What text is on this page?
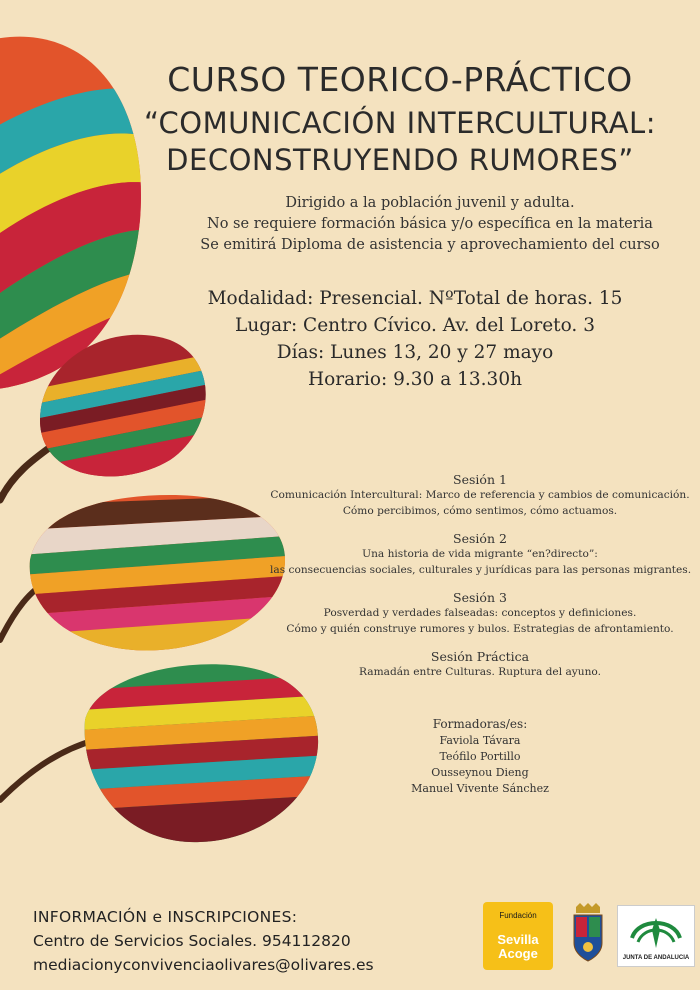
CURSO TEORICO-PRÁCTICO
“COMUNICACIÓN INTERCULTURAL:
DECONSTRUYENDO RUMORES”
Dirigido a la población juvenil y adulta.
No se requiere formación básica y/o específica en la materia
Se emitirá Diploma de asistencia y aprovechamiento del curso
Modalidad: Presencial. NºTotal de horas. 15
Lugar: Centro Cívico. Av. del Loreto. 3
Días: Lunes 13, 20 y 27 mayo
Horario: 9.30 a 13.30h
Sesión 1
Comunicación Intercultural: Marco de referencia y cambios de comunicación.
Cómo percibimos, cómo sentimos, cómo actuamos.
Sesión 2
Una historia de vida migrante “en?directo”:
las consecuencias sociales, culturales y jurídicas para las personas migrantes.
Sesión 3
Posverdad y verdades falseadas: conceptos y definiciones.
Cómo y quién construye rumores y bulos. Estrategias de afrontamiento.
Sesión Práctica
Ramadán entre Culturas. Ruptura del ayuno.
Formadoras/es:
Faviola Távara
Teófilo Portillo
Ousseynou Dieng
Manuel Vivente Sánchez
INFORMACIÓN e INSCRIPCIONES:
Centro de Servicios Sociales. 954112820
mediacionyconvivenciaolivares@olivares.es
Fundación
Sevilla
Acoge	JUNTA DE ANDALUCIA
